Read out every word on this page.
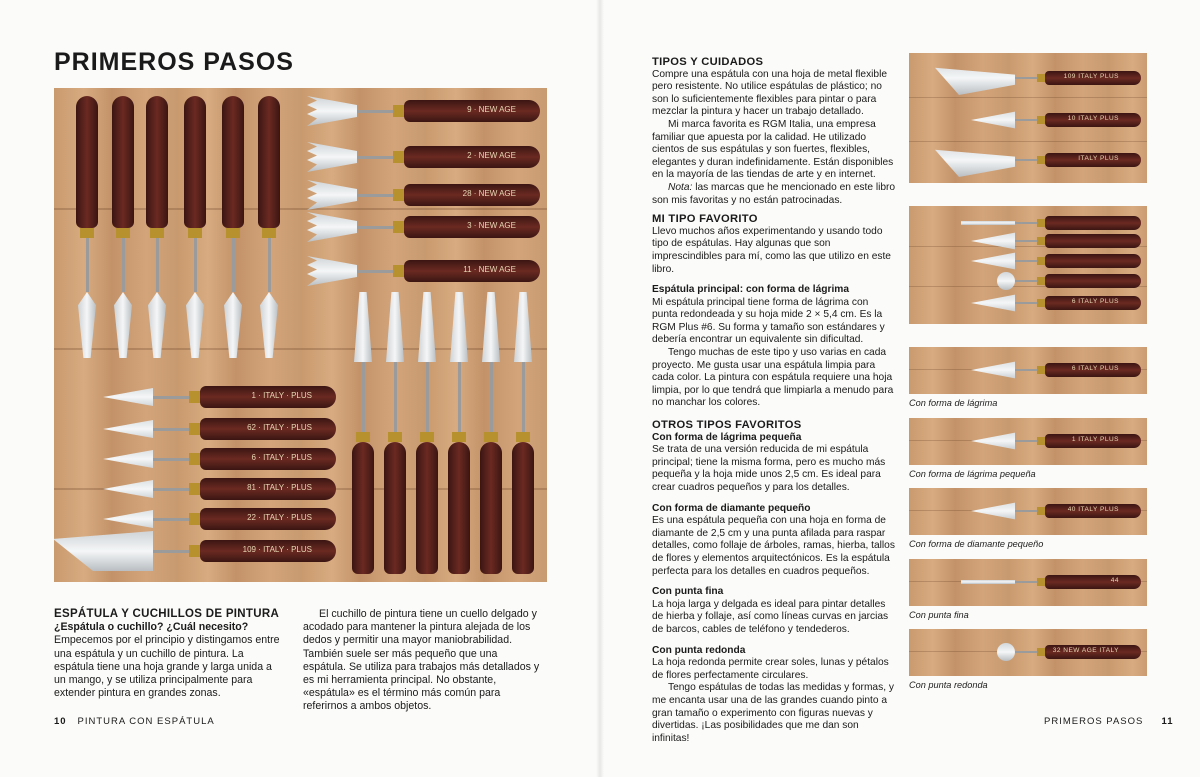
PRIMEROS PASOS
9 · NEW AGE
2 · NEW AGE
28 · NEW AGE
3 · NEW AGE
11 · NEW AGE
1 · ITALY · PLUS
62 · ITALY · PLUS
6 · ITALY · PLUS
81 · ITALY · PLUS
22 · ITALY · PLUS
109 · ITALY · PLUS
ESPÁTULA Y CUCHILLOS DE PINTURA
¿Espátula o cuchillo? ¿Cuál necesito?

Empecemos por el principio y distingamos entre una espátula y un cuchillo de pintura. La espátula tiene una hoja grande y larga unida a un mango, y se utiliza principalmente para extender pintura en grandes zonas.

El cuchillo de pintura tiene un cuello delgado y acodado para mantener la pintura alejada de los dedos y permitir una mayor maniobrabilidad. También suele ser más pequeño que una espátula. Se utiliza para trabajos más detallados y es mi herramienta principal. No obstante, «espátula» es el término más común para referirnos a ambos objetos.

10 PINTURA CON ESPÁTULA
TIPOS Y CUIDADOS

Compre una espátula con una hoja de metal flexible pero resistente. No utilice espátulas de plástico; no son lo suficientemente flexibles para pintar o para mezclar la pintura y hacer un trabajo detallado.

Mi marca favorita es RGM Italia, una empresa familiar que apuesta por la calidad. He utilizado cientos de sus espátulas y son fuertes, flexibles, elegantes y duran indefinidamente. Están disponibles en la mayoría de las tiendas de arte y en internet.

Nota: las marcas que he mencionado en este libro son mis favoritas y no están patrocinadas.

MI TIPO FAVORITO

Llevo muchos años experimentando y usando todo tipo de espátulas. Hay algunas que son imprescindibles para mí, como las que utilizo en este libro.

Espátula principal: con forma de lágrima

Mi espátula principal tiene forma de lágrima con punta redondeada y su hoja mide 2 × 5,4 cm. Es la RGM Plus #6. Su forma y tamaño son estándares y debería encontrar un equivalente sin dificultad.

Tengo muchas de este tipo y uso varias en cada proyecto. Me gusta usar una espátula limpia para cada color. La pintura con espátula requiere una hoja limpia, por lo que tendrá que limpiarla a menudo para no manchar los colores.

OTROS TIPOS FAVORITOS
Con forma de lágrima pequeña

Se trata de una versión reducida de mi espátula principal; tiene la misma forma, pero es mucho más pequeña y la hoja mide unos 2,5 cm. Es ideal para crear cuadros pequeños y para los detalles.

Con forma de diamante pequeño

Es una espátula pequeña con una hoja en forma de diamante de 2,5 cm y una punta afilada para raspar detalles, como follaje de árboles, ramas, hierba, tallos de flores y elementos arquitectónicos. Es la espátula perfecta para los detalles en cuadros pequeños.

Con punta fina

La hoja larga y delgada es ideal para pintar detalles de hierba y follaje, así como líneas curvas en jarcias de barcos, cables de teléfono y tendederos.

Con punta redonda

La hoja redonda permite crear soles, lunas y pétalos de flores perfectamente circulares.

Tengo espátulas de todas las medidas y formas, y me encanta usar una de las grandes cuando pinto a gran tamaño o experimento con figuras nuevas y divertidas. ¡Las posibilidades que me dan son infinitas!

109 ITALY PLUS
10 ITALY PLUS
ITALY PLUS
6 ITALY PLUS
6 ITALY PLUS
Con forma de lágrima
1 ITALY PLUS
Con forma de lágrima pequeña
40 ITALY PLUS
Con forma de diamante pequeño
44
Con punta fina
32 NEW AGE ITALY
Con punta redonda
PRIMEROS PASOS 11
